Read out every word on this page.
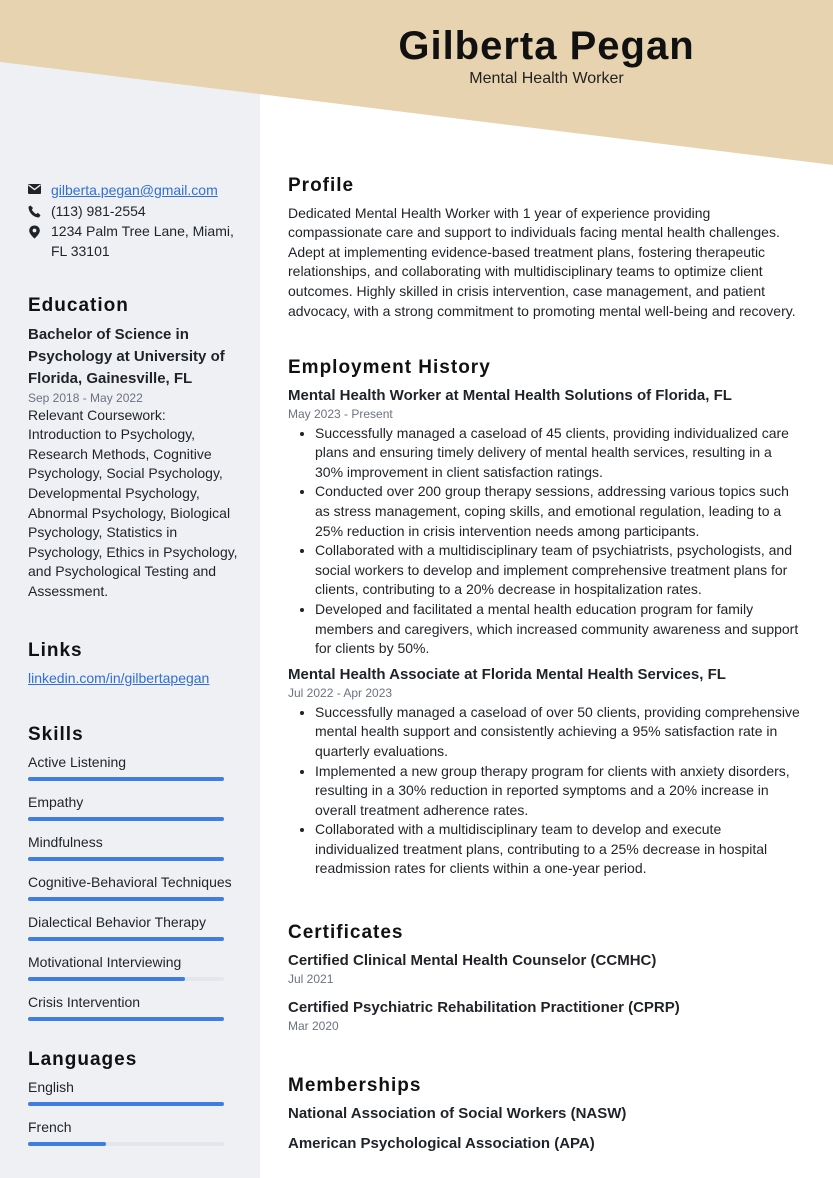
Gilberta Pegan
Mental Health Worker
gilberta.pegan@gmail.com
(113) 981-2554
1234 Palm Tree Lane, Miami, FL 33101
Education
Bachelor of Science in Psychology at University of Florida, Gainesville, FL
Sep 2018 - May 2022
Relevant Coursework: Introduction to Psychology, Research Methods, Cognitive Psychology, Social Psychology, Developmental Psychology, Abnormal Psychology, Biological Psychology, Statistics in Psychology, Ethics in Psychology, and Psychological Testing and Assessment.
Links
linkedin.com/in/gilbertapegan
Skills
Active Listening
Empathy
Mindfulness
Cognitive-Behavioral Techniques
Dialectical Behavior Therapy
Motivational Interviewing
Crisis Intervention
Languages
English
French
Profile
Dedicated Mental Health Worker with 1 year of experience providing compassionate care and support to individuals facing mental health challenges. Adept at implementing evidence-based treatment plans, fostering therapeutic relationships, and collaborating with multidisciplinary teams to optimize client outcomes. Highly skilled in crisis intervention, case management, and patient advocacy, with a strong commitment to promoting mental well-being and recovery.
Employment History
Mental Health Worker at Mental Health Solutions of Florida, FL
May 2023 - Present
• Successfully managed a caseload of 45 clients, providing individualized care plans and ensuring timely delivery of mental health services, resulting in a 30% improvement in client satisfaction ratings.
• Conducted over 200 group therapy sessions, addressing various topics such as stress management, coping skills, and emotional regulation, leading to a 25% reduction in crisis intervention needs among participants.
• Collaborated with a multidisciplinary team of psychiatrists, psychologists, and social workers to develop and implement comprehensive treatment plans for clients, contributing to a 20% decrease in hospitalization rates.
• Developed and facilitated a mental health education program for family members and caregivers, which increased community awareness and support for clients by 50%.
Mental Health Associate at Florida Mental Health Services, FL
Jul 2022 - Apr 2023
• Successfully managed a caseload of over 50 clients, providing comprehensive mental health support and consistently achieving a 95% satisfaction rate in quarterly evaluations.
• Implemented a new group therapy program for clients with anxiety disorders, resulting in a 30% reduction in reported symptoms and a 20% increase in overall treatment adherence rates.
• Collaborated with a multidisciplinary team to develop and execute individualized treatment plans, contributing to a 25% decrease in hospital readmission rates for clients within a one-year period.
Certificates
Certified Clinical Mental Health Counselor (CCMHC)
Jul 2021
Certified Psychiatric Rehabilitation Practitioner (CPRP)
Mar 2020
Memberships
National Association of Social Workers (NASW)
American Psychological Association (APA)
